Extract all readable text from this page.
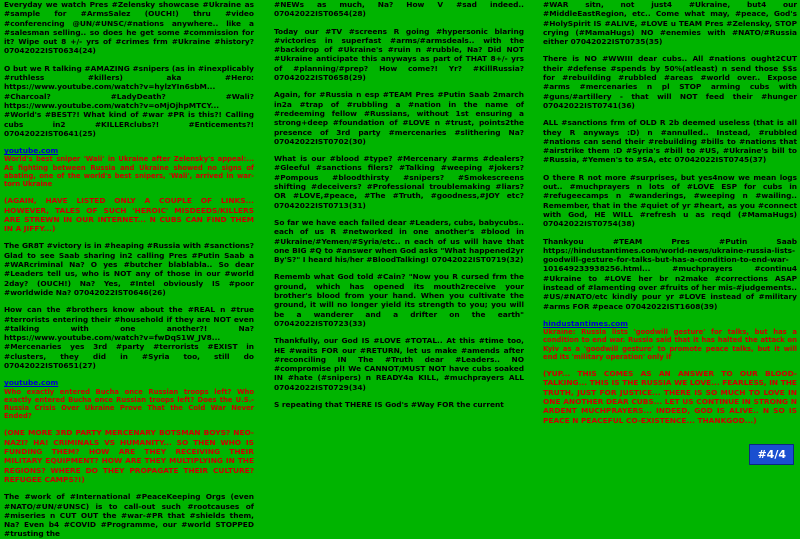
Everyday we watch Pres #Zelensky showcase #Ukraine as #sample for #ArmsSalez (OUCH!) thru #video #conferencing @UN/#UNSC/#nations anywhere.. like a #salesman selling.. so does he get some #commission for it? Wipe out 8 +/- yrs of #crimes frm #Ukraine #history? 07042022IST0634(24)

O but we R talking #AMAZING #snipers (as in #inexplicably #ruthless #killers) aka #Hero: https://www.youtube.com/watch?v=hylzYIn6sbM... #Charcoal? #LadyDeath? #Wali? https://www.youtube.com/watch?v=oMjOjhpMTCY... #World's #BEST?! What kind of #war #PR is this?! Calling cubs in2 #KILLERclubs?! #Enticements?! 07042022IST0641(25)

youtube.com

World's best sniper 'Wali' in Ukraine after Zelensky's appeal:... As fighting between Russia and Ukraine showed no signs of abating, one of the world's best snipers, 'Wali', arrived in war-torn Ukraine

(AGAIN, HAVE LISTED ONLY A COUPLE OF LINKS... HOWEVER, TALES OF SUCH 'HEROIC' MISDEEDS/KILLERS ARE STREWN IN OUR INTERNET... N CUBS CAN FIND THEM IN A JIFFY...)

The GR8T #victory is in #heaping #Russia with #sanctions? Glad to see Saab sharing in2 calling Pres #Putin Saab a #WARcriminal Na? O yes #butcher blablabla.. So dear #Leaders tell us, who is NOT any of those in our #world 2day? (OUCH!) Na? Yes, #Intel obviously IS #poor #worldwide Na? 07042022IST0646(26)

How can the #brothers know about the #REAL n #true #terrorists entering their #household if they are NOT even #talking with one another?! Na? https://www.youtube.com/watch?v=fwDqS1W_JV8... #Mercenaries yes 3rd #party #terrorists #EXIST in #clusters, they did in #Syria too, still do 07042022IST0651(27)

youtube.com

Who exactly entered Bucha once Russian troops left? Who exactly entered Bucha once Russian troops left? Does the U.S.-Russia Crisis Over Ukraine Prove That the Cold War Never Ended?

(ONE MORE 3RD PARTY MERCENARY BOTSMAN BOYS? NEO-NAZI? HA! CRIMINALS VS HUMANITY... SO THEN WHO IS FUNDING THEM? HOW ARE THEY RECEIVING THEIR MILITARY EQUIPMENT? HOW ARE THEY MULTIPLYING IN THE REGIONS? WHERE DO THEY PROPAGATE THEIR CULTURE? REFUGEE CAMPS?!)

The #work of #International #PeaceKeeping Orgs (even #NATO/#UN/#UNSC) is to call-out such #rootcauses of #miseries n CUT OUT the #war-#PR that #shields them, Na? Even b4 #COVID #Programme, our #world STOPPED #trusting the

#NEWs as much, Na? How V #sad indeed.. 07042022IST0654(28)

Today our #TV #screens R going #hypersonic blaring #victories in superfast #arms/#armsdeals.. with the #backdrop of #Ukraine's #ruin n #rubble, Na? Did NOT #Ukraine anticipate this anyways as part of THAT 8+/- yrs of #planning/#prep? How come?! Yr? #KillRussia? 07042022IST0658(29)

Again, for #Russia n esp #TEAM Pres #Putin Saab 2march in2a #trap of #rubbling a #nation in the name of #redeeming fellow #Russians, without 1st ensuring a strong+deep #foundation of #LOVE n #trust, points2the presence of 3rd party #mercenaries #slithering Na? 07042022IST0702(30)

What is our #blood #type? #Mercenary #arms #dealers? #Gleeful #sanctions filers? #Talking #weeping #jokers? #Pompous #bloodthirsty #snipers? #Smokescreens shifting #deceivers? #Professional troublemaking #liars? OR #LOVE,#peace, #The #Truth, #goodness,#JOY etc? 07042022IST0713(31)

So far we have each failed dear #Leaders, cubs, babycubs.. each of us R #networked in one another's #blood in #Ukraine/#Yemen/#Syria/etc.. n each of us will have that one BIG #Q to #answer when God asks "What happened2yr By'S?" I heard his/her #BloodTalking! 07042022IST0719(32)

Rememb what God told #Cain? "Now you R cursed frm the ground, which has opened its mouth2receive your brother's blood from your hand. When you cultivate the ground, it will no longer yield its strength to you; you will be a wanderer and a drifter on the earth" 07042022IST0723(33)

Thankfully, our God IS #LOVE #TOTAL.. At this #time too, HE #waits FOR our #RETURN, let us make #amends after #reconciling IN The #Truth dear #Leaders.. NO #compromise pl! We CANNOT/MUST NOT have cubs soaked IN #hate (#snipers) n READY4a KILL, #muchprayers ALL 07042022IST0729(34)

S repeating that THERE IS God's #Way FOR the current

#WAR sitn, not just4 #Ukraine, but4 our #MiddleEastRegion, etc.. Come what may, #peace, God's #HolySpirit IS #ALIVE, #LOVE u TEAM Pres #Zelensky, STOP crying (#MamaHugs) NO #enemies with #NATO/#Russia either 07042022IST0735(35)

There is NO #WWIII dear cubs.. All #nations ought2CUT their #defense #spends by 50%(atleast) n send those $$s for #rebuilding #rubbled #areas #world over.. Expose #arms #mercenaries n pl STOP arming cubs with #guns/#artillery - that will NOT feed their #hunger 07042022IST0741(36)

ALL #sanctions frm of OLD R 2b deemed useless (that is all they R anyways :D) n #annulled.. Instead, #rubbled #nations can send their #rebuilding #bills to #nations that #airstrike them :D #Syria's #bill to #US, #Ukraine's bill to #Russia, #Yemen's to #SA, etc 07042022IST0745(37)

O there R not more #surprises, but yes4now we mean logs out.. #muchprayers n lots of #LOVE ESP for cubs in #refugeecamps n #wanderings, #weeping n #wailing.. Remember, that in the #quiet of yr #heart, as you #connect with God, HE WILL #refresh u as reqd (#MamaHugs) 07042022IST0754(38)

Thankyou #TEAM Pres #Putin Saab https://hindustantimes.com/world-news/ukraine-russia-lists-goodwill-gesture-for-talks-but-has-a-condition-to-end-war-101649233938256.html... #muchprayers #continu4 #Ukraine to #LOVE her br n2make #corrections ASAP instead of #lamenting over #fruits of her mis-#judgements.. #US/#NATO/etc kindly pour yr #LOVE instead of #military #arms FOR #peace 07042022IST1608(39)

hindustantimes.com

Ukraine: Russia lists 'goodwill gesture' for talks, but has a condition to end war. Russia said that it has halted the attack on Kyiv as a 'goodwill gesture' to promote peace talks, but it will end its 'military operation' only if

(YUP... THIS COMES AS AN ANSWER TO OUR BLOOD-TALKING... THIS IS THE RUSSIA WE LOVE... FEARLESS, IN THE TRUTH, JUST FOR JUSTICE... THERE IS SO MUCH TO LOVE IN ONE ANOTHER DEAR CUBS... LET US CONTINUE IN STRONG N ARDENT MUCHPRAYERS... INDEED, GOD IS ALIVE.. N SO IS PEACE N PEACEFUL CO-EXISTENCE... THANKGOD...)

#4/4
